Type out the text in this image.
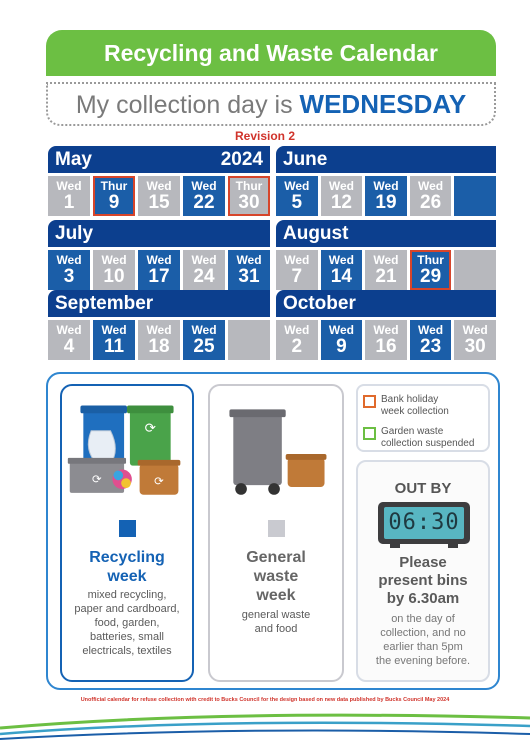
Recycling and Waste Calendar
My collection day is WEDNESDAY
Revision 2
May	2024
Wed
1
Thur
9
Wed
15
Wed
22
Thur
30
June
Wed
5
Wed
12
Wed
19
Wed
26
July
Wed
3
Wed
10
Wed
17
Wed
24
Wed
31
August
Wed
7
Wed
14
Wed
21
Thur
29
September
Wed
4
Wed
11
Wed
18
Wed
25
October
Wed
2
Wed
9
Wed
16
Wed
23
Wed
30
⟳
⟳	⟳
Recycling
week
mixed recycling,
paper and cardboard,
food, garden,
batteries, small
electricals, textiles
General
waste
week
general waste
and food
Bank holiday
week collection
Garden waste
collection suspended
OUT BY
06:30
Please
present bins
by 6.30am
on the day of
collection, and no
earlier than 5pm
the evening before.
Unofficial calendar for refuse collection with credit to Bucks Council for the design based on new data published by Bucks Council May 2024
